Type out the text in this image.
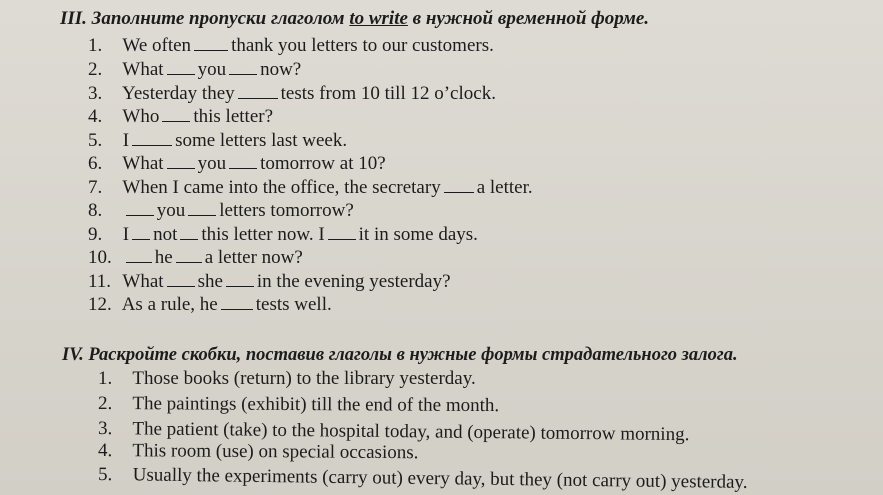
III. Заполните пропуски глаголом to write в нужной временной форме.
1. We often thank you letters to our customers.
2. What you now?
3. Yesterday they tests from 10 till 12 o’clock.
4. Who this letter?
5. I some letters last week.
6. What you tomorrow at 10?
7. When I came into the office, the secretary a letter.
8.	you letters tomorrow?
9. I not this letter now. I it in some days.
10. he a letter now?
11. What she in the evening yesterday?
12. As a rule, he tests well.
IV. Раскройте скобки, поставив глаголы в нужные формы страдательного залога.
1. Those books (return) to the library yesterday.
2. The paintings (exhibit) till the end of the month.
3. The patient (take) to the hospital today, and (operate) tomorrow morning.
4. This room (use) on special occasions.
5. Usually the experiments (carry out) every day, but they (not carry out) yesterday.
